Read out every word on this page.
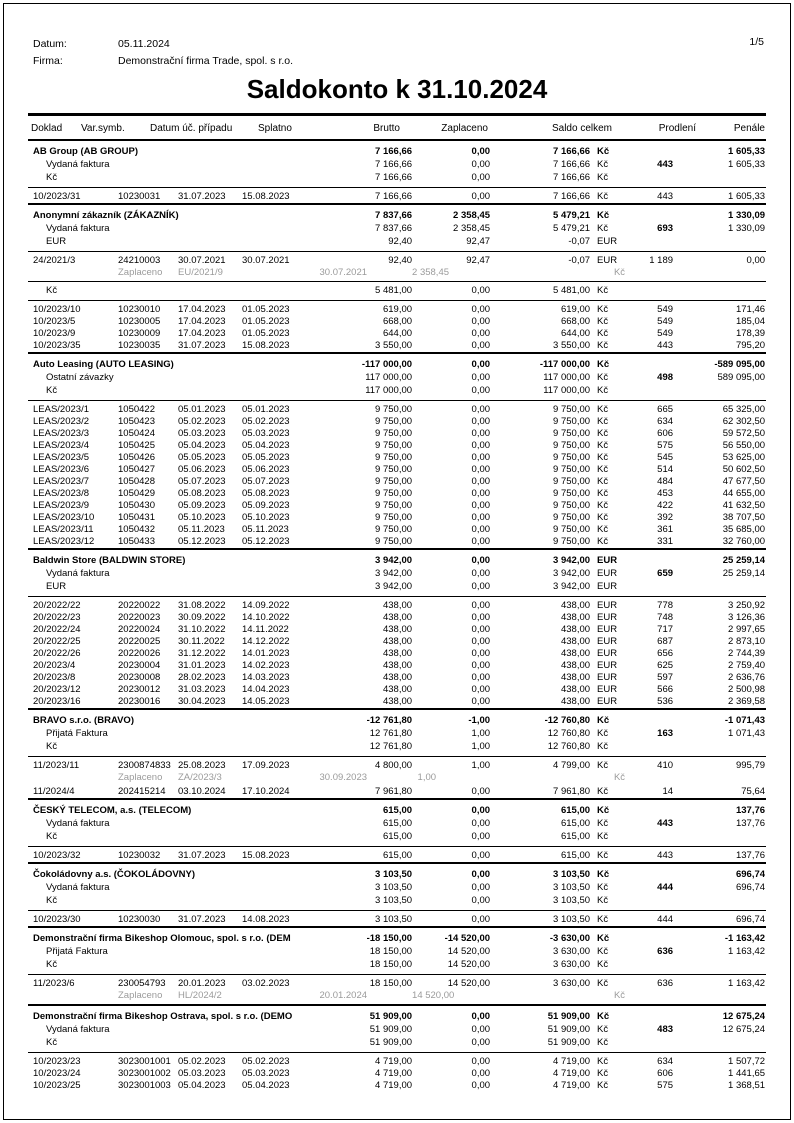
Datum:	05.11.2024
Firma:	Demonstrační firma Trade, spol. s r.o.
1/5
Saldokonto k 31.10.2024
Doklad Var.symb.	Datum úč. případu	Splatno	Brutto	Zaplaceno	Saldo celkem	Prodlení	Penále
AB Group (AB GROUP)				7 166,66	0,00	7 166,66	Kč		1 605,33
Vydaná faktura				7 166,66	0,00	7 166,66	Kč	443	1 605,33
Kč				7 166,66	0,00	7 166,66	Kč		
10/2023/31	10230031	31.07.2023	15.08.2023	7 166,66	0,00	7 166,66	Kč	443	1 605,33
Anonymní zákazník (ZÁKAZNÍK)				7 837,66	2 358,45	5 479,21	Kč		1 330,09
Vydaná faktura				7 837,66	2 358,45	5 479,21	Kč	693	1 330,09
EUR				92,40	92,47	-0,07	EUR		
24/2021/3	24210003	30.07.2021	30.07.2021	92,40	92,47	-0,07	EUR	1 189	0,00
	Zaplaceno	EU/2021/9	30.07.2021		2 358,45		Kč		
Kč				5 481,00	0,00	5 481,00	Kč		
10/2023/10	10230010	17.04.2023	01.05.2023	619,00	0,00	619,00	Kč	549	171,46
10/2023/5	10230005	17.04.2023	01.05.2023	668,00	0,00	668,00	Kč	549	185,04
10/2023/9	10230009	17.04.2023	01.05.2023	644,00	0,00	644,00	Kč	549	178,39
10/2023/35	10230035	31.07.2023	15.08.2023	3 550,00	0,00	3 550,00	Kč	443	795,20
Auto Leasing (AUTO LEASING)				-117 000,00	0,00	-117 000,00	Kč		-589 095,00
Ostatní závazky				117 000,00	0,00	117 000,00	Kč	498	589 095,00
Kč				117 000,00	0,00	117 000,00	Kč		
LEAS/2023/1	1050422	05.01.2023	05.01.2023	9 750,00	0,00	9 750,00	Kč	665	65 325,00
LEAS/2023/2	1050423	05.02.2023	05.02.2023	9 750,00	0,00	9 750,00	Kč	634	62 302,50
LEAS/2023/3	1050424	05.03.2023	05.03.2023	9 750,00	0,00	9 750,00	Kč	606	59 572,50
LEAS/2023/4	1050425	05.04.2023	05.04.2023	9 750,00	0,00	9 750,00	Kč	575	56 550,00
LEAS/2023/5	1050426	05.05.2023	05.05.2023	9 750,00	0,00	9 750,00	Kč	545	53 625,00
LEAS/2023/6	1050427	05.06.2023	05.06.2023	9 750,00	0,00	9 750,00	Kč	514	50 602,50
LEAS/2023/7	1050428	05.07.2023	05.07.2023	9 750,00	0,00	9 750,00	Kč	484	47 677,50
LEAS/2023/8	1050429	05.08.2023	05.08.2023	9 750,00	0,00	9 750,00	Kč	453	44 655,00
LEAS/2023/9	1050430	05.09.2023	05.09.2023	9 750,00	0,00	9 750,00	Kč	422	41 632,50
LEAS/2023/10	1050431	05.10.2023	05.10.2023	9 750,00	0,00	9 750,00	Kč	392	38 707,50
LEAS/2023/11	1050432	05.11.2023	05.11.2023	9 750,00	0,00	9 750,00	Kč	361	35 685,00
LEAS/2023/12	1050433	05.12.2023	05.12.2023	9 750,00	0,00	9 750,00	Kč	331	32 760,00
Baldwin Store (BALDWIN STORE)				3 942,00	0,00	3 942,00	EUR		25 259,14
Vydaná faktura				3 942,00	0,00	3 942,00	EUR	659	25 259,14
EUR				3 942,00	0,00	3 942,00	EUR		
20/2022/22	20220022	31.08.2022	14.09.2022	438,00	0,00	438,00	EUR	778	3 250,92
20/2022/23	20220023	30.09.2022	14.10.2022	438,00	0,00	438,00	EUR	748	3 126,36
20/2022/24	20220024	31.10.2022	14.11.2022	438,00	0,00	438,00	EUR	717	2 997,65
20/2022/25	20220025	30.11.2022	14.12.2022	438,00	0,00	438,00	EUR	687	2 873,10
20/2022/26	20220026	31.12.2022	14.01.2023	438,00	0,00	438,00	EUR	656	2 744,39
20/2023/4	20230004	31.01.2023	14.02.2023	438,00	0,00	438,00	EUR	625	2 759,40
20/2023/8	20230008	28.02.2023	14.03.2023	438,00	0,00	438,00	EUR	597	2 636,76
20/2023/12	20230012	31.03.2023	14.04.2023	438,00	0,00	438,00	EUR	566	2 500,98
20/2023/16	20230016	30.04.2023	14.05.2023	438,00	0,00	438,00	EUR	536	2 369,58
BRAVO s.r.o. (BRAVO)				-12 761,80	-1,00	-12 760,80	Kč		-1 071,43
Přijatá Faktura				12 761,80	1,00	12 760,80	Kč	163	1 071,43
Kč				12 761,80	1,00	12 760,80	Kč		
11/2023/11	2300874833	25.08.2023	17.09.2023	4 800,00	1,00	4 799,00	Kč	410	995,79
	Zaplaceno	ZA/2023/3	30.09.2023		1,00		Kč		
11/2024/4	202415214	03.10.2024	17.10.2024	7 961,80	0,00	7 961,80	Kč	14	75,64
ČESKÝ TELECOM, a.s. (TELECOM)				615,00	0,00	615,00	Kč		137,76
Vydaná faktura				615,00	0,00	615,00	Kč	443	137,76
Kč				615,00	0,00	615,00	Kč		
10/2023/32	10230032	31.07.2023	15.08.2023	615,00	0,00	615,00	Kč	443	137,76
Čokoládovny a.s. (ČOKOLÁDOVNY)				3 103,50	0,00	3 103,50	Kč		696,74
Vydaná faktura				3 103,50	0,00	3 103,50	Kč	444	696,74
Kč				3 103,50	0,00	3 103,50	Kč		
10/2023/30	10230030	31.07.2023	14.08.2023	3 103,50	0,00	3 103,50	Kč	444	696,74
Demonstrační firma Bikeshop Olomouc, spol. s r.o. (DEM				-18 150,00	-14 520,00	-3 630,00	Kč		-1 163,42
Přijatá Faktura				18 150,00	14 520,00	3 630,00	Kč	636	1 163,42
Kč				18 150,00	14 520,00	3 630,00	Kč		
11/2023/6	230054793	20.01.2023	03.02.2023	18 150,00	14 520,00	3 630,00	Kč	636	1 163,42
	Zaplaceno	HL/2024/2	20.01.2024		14 520,00		Kč		
Demonstrační firma Bikeshop Ostrava, spol. s r.o. (DEMO				51 909,00	0,00	51 909,00	Kč		12 675,24
Vydaná faktura				51 909,00	0,00	51 909,00	Kč	483	12 675,24
Kč				51 909,00	0,00	51 909,00	Kč		
10/2023/23	3023001001	05.02.2023	05.02.2023	4 719,00	0,00	4 719,00	Kč	634	1 507,72
10/2023/24	3023001002	05.03.2023	05.03.2023	4 719,00	0,00	4 719,00	Kč	606	1 441,65
10/2023/25	3023001003	05.04.2023	05.04.2023	4 719,00	0,00	4 719,00	Kč	575	1 368,51
